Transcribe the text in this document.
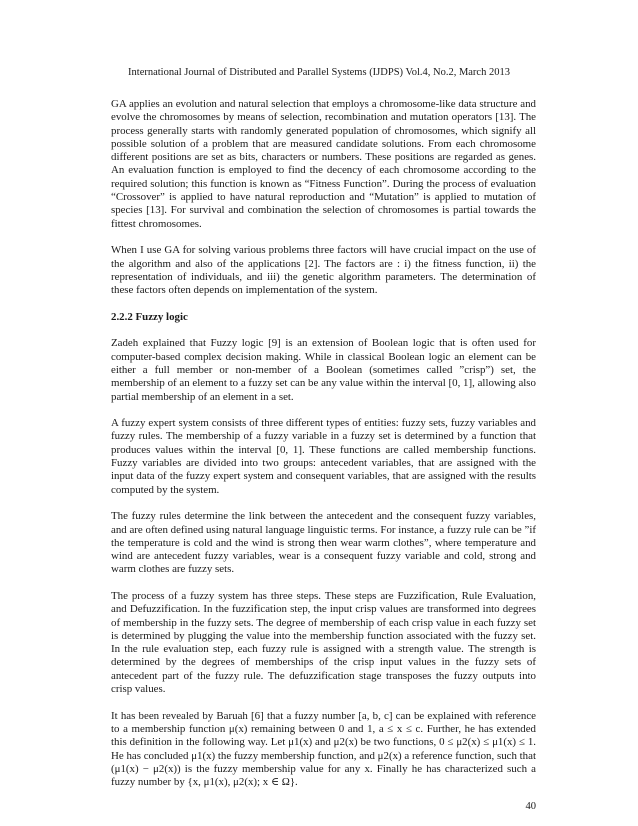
International Journal of Distributed and Parallel Systems (IJDPS) Vol.4, No.2, March 2013

GA applies an evolution and natural selection that employs a chromosome-like data structure and evolve the chromosomes by means of selection, recombination and mutation operators [13]. The process generally starts with randomly generated population of chromosomes, which signify all possible solution of a problem that are measured candidate solutions. From each chromosome different positions are set as bits, characters or numbers. These positions are regarded as genes. An evaluation function is employed to find the decency of each chromosome according to the required solution; this function is known as “Fitness Function”. During the process of evaluation “Crossover” is applied to have natural reproduction and “Mutation” is applied to mutation of species [13]. For survival and combination the selection of chromosomes is partial towards the fittest chromosomes.

When I use GA for solving various problems three factors will have crucial impact on the use of the algorithm and also of the applications [2]. The factors are : i) the fitness function, ii) the representation of individuals, and iii) the genetic algorithm parameters. The determination of these factors often depends on implementation of the system.

2.2.2 Fuzzy logic

Zadeh explained that Fuzzy logic [9] is an extension of Boolean logic that is often used for computer-based complex decision making. While in classical Boolean logic an element can be either a full member or non-member of a Boolean (sometimes called ”crisp”) set, the membership of an element to a fuzzy set can be any value within the interval [0, 1], allowing also partial membership of an element in a set.

A fuzzy expert system consists of three different types of entities: fuzzy sets, fuzzy variables and fuzzy rules. The membership of a fuzzy variable in a fuzzy set is determined by a function that produces values within the interval [0, 1]. These functions are called membership functions. Fuzzy variables are divided into two groups: antecedent variables, that are assigned with the input data of the fuzzy expert system and consequent variables, that are assigned with the results computed by the system.

The fuzzy rules determine the link between the antecedent and the consequent fuzzy variables, and are often defined using natural language linguistic terms. For instance, a fuzzy rule can be ”if the temperature is cold and the wind is strong then wear warm clothes”, where temperature and wind are antecedent fuzzy variables, wear is a consequent fuzzy variable and cold, strong and warm clothes are fuzzy sets.

The process of a fuzzy system has three steps. These steps are Fuzzification, Rule Evaluation, and Defuzzification. In the fuzzification step, the input crisp values are transformed into degrees of membership in the fuzzy sets. The degree of membership of each crisp value in each fuzzy set is determined by plugging the value into the membership function associated with the fuzzy set. In the rule evaluation step, each fuzzy rule is assigned with a strength value. The strength is determined by the degrees of memberships of the crisp input values in the fuzzy sets of antecedent part of the fuzzy rule. The defuzzification stage transposes the fuzzy outputs into crisp values.

It has been revealed by Baruah [6] that a fuzzy number [a, b, c] can be explained with reference to a membership function μ(x) remaining between 0 and 1, a ≤ x ≤ c. Further, he has extended this definition in the following way. Let μ1(x) and μ2(x) be two functions, 0 ≤ μ2(x) ≤ μ1(x) ≤ 1. He has concluded μ1(x) the fuzzy membership function, and μ2(x) a reference function, such that (μ1(x) − μ2(x)) is the fuzzy membership value for any x. Finally he has characterized such a fuzzy number by {x, μ1(x), μ2(x); x ∈ Ω}.

40
